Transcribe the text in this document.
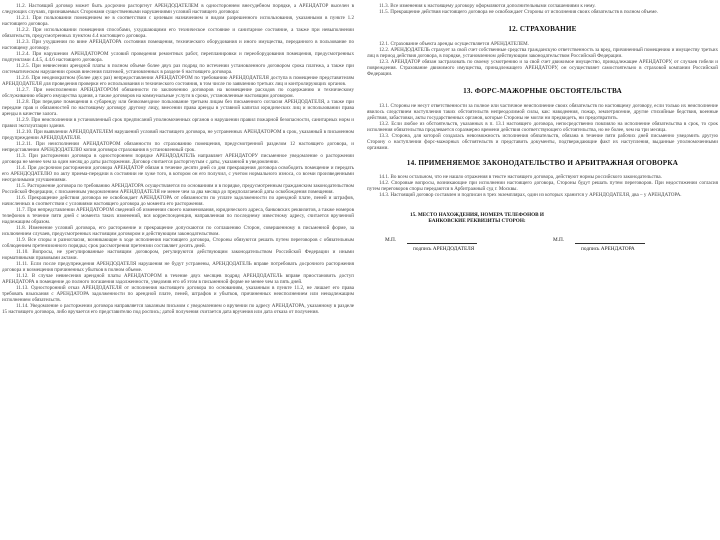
11.2. Настоящий договор может быть досрочно расторгнут АРЕНДОДАТЕЛЕМ в одностороннем внесудебном порядке, а АРЕНДАТОР выселен в следующих случаях, признаваемых Сторонами существенными нарушениями условий настоящего договора:

11.2.1. При пользовании помещением не в соответствии с целевым назначением и видом разрешенного использования, указанными в пункте 1.2 настоящего договора.

11.2.2. При использовании помещения способами, ухудшающими его техническое состояние и санитарное состояние, а также при невыполнении обязательств, предусмотренных пунктом 4.4 настоящего договора.

11.2.3. При ухудшении по вине АРЕНДАТОРА состояния помещения, технического оборудования и иного имущества, переданного в пользование по настоящему договору.

11.2.4. При нарушении АРЕНДАТОРОМ условий проведения ремонтных работ, перепланировки и переоборудования помещения, предусмотренных подпунктами 4.4.5, 4.4.6 настоящего договора.

11.2.5. При невнесении арендной платы в полном объеме более двух раз подряд по истечении установленного договором срока платежа, а также при систематическом нарушении сроков внесения платежей, установленных в разделе 6 настоящего договора.

11.2.6. При неоднократном (более двух раз) непредоставлении АРЕНДАТОРОМ по требованию АРЕНДОДАТЕЛЯ доступа в помещение представителям АРЕНДОДАТЕЛЯ для проведения проверки его использования и технического состояния, в том числе по заявлению третьих лиц и контролирующих органов.

11.2.7. При неисполнении АРЕНДАТОРОМ обязанности по заключению договоров на возмещение расходов по содержанию и техническому обслуживанию общего имущества здания, а также договоров на коммунальные услуги в сроки, установленные настоящим договором.

11.2.8. При передаче помещения в субаренду или безвозмездное пользование третьим лицам без письменного согласия АРЕНДОДАТЕЛЯ, а также при передаче прав и обязанностей по настоящему договору другому лицу, внесении права аренды в уставной капитал юридических лиц и использовании права аренды в качестве залога.

11.2.9. При неисполнении в установленный срок предписаний уполномоченных органов о нарушении правил пожарной безопасности, санитарных норм и правил эксплуатации здания.

11.2.10. При выявлении АРЕНДОДАТЕЛЕМ нарушений условий настоящего договора, не устраненных АРЕНДАТОРОМ в срок, указанный в письменном предупреждении АРЕНДОДАТЕЛЯ.

11.2.11. При неисполнении АРЕНДАТОРОМ обязанности по страхованию помещения, предусмотренной разделом 12 настоящего договора, и непредставлении АРЕНДОДАТЕЛЮ копии договора страхования в установленный срок.

11.3. При расторжении договора в одностороннем порядке АРЕНДОДАТЕЛЬ направляет АРЕНДАТОРУ письменное уведомление о расторжении договора не менее чем за один месяц до даты расторжения. Договор считается расторгнутым с даты, указанной в уведомлении.

11.4. При досрочном расторжении договора АРЕНДАТОР обязан в течение десяти дней со дня прекращения договора освободить помещение и передать его АРЕНДОДАТЕЛЮ по акту приема-передачи в состоянии не хуже того, в котором он его получил, с учетом нормального износа, со всеми произведенными неотделимыми улучшениями.

11.5. Расторжение договора по требованию АРЕНДАТОРА осуществляется по основаниям и в порядке, предусмотренным гражданским законодательством Российской Федерации, с письменным уведомлением АРЕНДОДАТЕЛЯ не менее чем за два месяца до предполагаемой даты освобождения помещения.

11.6. Прекращение действия договора не освобождает АРЕНДАТОРА от обязанности по уплате задолженности по арендной плате, пеней и штрафов, начисленных в соответствии с условиями настоящего договора до момента его расторжения.

11.7. При непредставлении АРЕНДАТОРОМ сведений об изменении своего наименования, юридического адреса, банковских реквизитов, а также номеров телефонов в течение пяти дней с момента таких изменений, вся корреспонденция, направленная по последнему известному адресу, считается врученной надлежащим образом.

11.8. Изменение условий договора, его расторжение и прекращение допускаются по соглашению Сторон, совершенному в письменной форме, за исключением случаев, предусмотренных настоящим договором и действующим законодательством.

11.9. Все споры и разногласия, возникающие в ходе исполнения настоящего договора, Стороны обязуются решать путем переговоров с обязательным соблюдением претензионного порядка; срок рассмотрения претензии составляет десять дней.

11.10. Вопросы, не урегулированные настоящим договором, регулируются действующим законодательством Российской Федерации и иными нормативными правовыми актами.

11.11. Если после предупреждения АРЕНДОДАТЕЛЯ нарушения не будут устранены, АРЕНДОДАТЕЛЬ вправе потребовать досрочного расторжения договора и возмещения причиненных убытков в полном объеме.

11.12. В случае невнесения арендной платы АРЕНДАТОРОМ в течение двух месяцев подряд АРЕНДОДАТЕЛЬ вправе приостановить доступ АРЕНДАТОРА в помещение до полного погашения задолженности, уведомив его об этом в письменной форме не менее чем за пять дней.

11.13. Односторонний отказ АРЕНДОДАТЕЛЯ от исполнения настоящего договора по основаниям, указанным в пункте 11.2, не лишает его права требовать взыскания с АРЕНДАТОРА задолженности по арендной плате, пеней, штрафов и убытков, причиненных неисполнением или ненадлежащим исполнением обязательств.

11.14. Уведомление о расторжении договора направляется заказным письмом с уведомлением о вручении по адресу АРЕНДАТОРА, указанному в разделе 15 настоящего договора, либо вручается его представителю под роспись; датой получения считается дата вручения или дата отказа от получения.

11.3. Все изменения к настоящему договору оформляются дополнительными соглашениями к нему.

11.5. Прекращение действия настоящего договора не освобождает Стороны от исполнения своих обязательств в полном объеме.

12. СТРАХОВАНИЕ

12.1. Страхование объекта аренды осуществляется АРЕНДАТЕЛЕМ.

12.2. АРЕНДОДАТЕЛЬ страхует за свой счет собственные средства гражданскую ответственность за вред, причиненный помещению и имуществу третьих лиц в период действия договора, в порядке, установленном действующим законодательством Российской Федерации.

12.3. АРЕНДАТОР обязан застраховать по своему усмотрению и за свой счет движимое имущество, принадлежащее АРЕНДАТОРУ, от случаев гибели и повреждения. Страхование движимого имущества, принадлежащего АРЕНДАТОРУ, он осуществляет самостоятельно в страховой компании Российской Федерации.

13. ФОРС-МАЖОРНЫЕ ОБСТОЯТЕЛЬСТВА

13.1. Стороны не несут ответственности за полное или частичное неисполнение своих обязательств по настоящему договору, если только их неисполнение явилось следствием наступления таких обстоятельств непреодолимой силы, как: наводнения, пожар, землетрясение, другие стихийные бедствия, военные действия, забастовки, акты государственных органов, которые Стороны не могли ни предвидеть, ни предотвратить.

13.2. Если любое из обстоятельств, указанных в п. 13.1 настоящего договора, непосредственно повлияло на исполнение обязательства в срок, то срок исполнения обязательства продлевается соразмерно времени действия соответствующего обстоятельства, но не более, чем на три месяца.

13.3. Сторона, для которой создалась невозможность исполнения обязательств, обязана в течение пяти рабочих дней письменно уведомить другую Сторону о наступлении форс-мажорных обстоятельств и представить документы, подтверждающие факт их наступления, выданные уполномоченными органами.

14. ПРИМЕНЯЕМОЕ ЗАКОНОДАТЕЛЬСТВО И АРБИТРАЖНАЯ ОГОВОРКА

14.1. Во всем остальном, что не нашло отражения в тексте настоящего договора, действуют нормы российского законодательства.

14.2. Споровые вопросы, возникающие при исполнении настоящего договора, Стороны будут решать путем переговоров. При недостижении согласия путем переговоров споры передаются в Арбитражный суд г. Москвы.

14.3. Настоящий договор составлен и подписан в трех экземплярах, один из которых хранится у АРЕНДОДАТЕЛЯ, два – у АРЕНДАТОРА.

15. МЕСТО НАХОЖДЕНИЯ, НОМЕРА ТЕЛЕФОНОВ И БАНКОВСКИЕ РЕКВИЗИТЫ СТОРОН:
М.П.
подпись АРЕНДОДАТЕЛЯ
М.П.
подпись АРЕНДАТОРА
